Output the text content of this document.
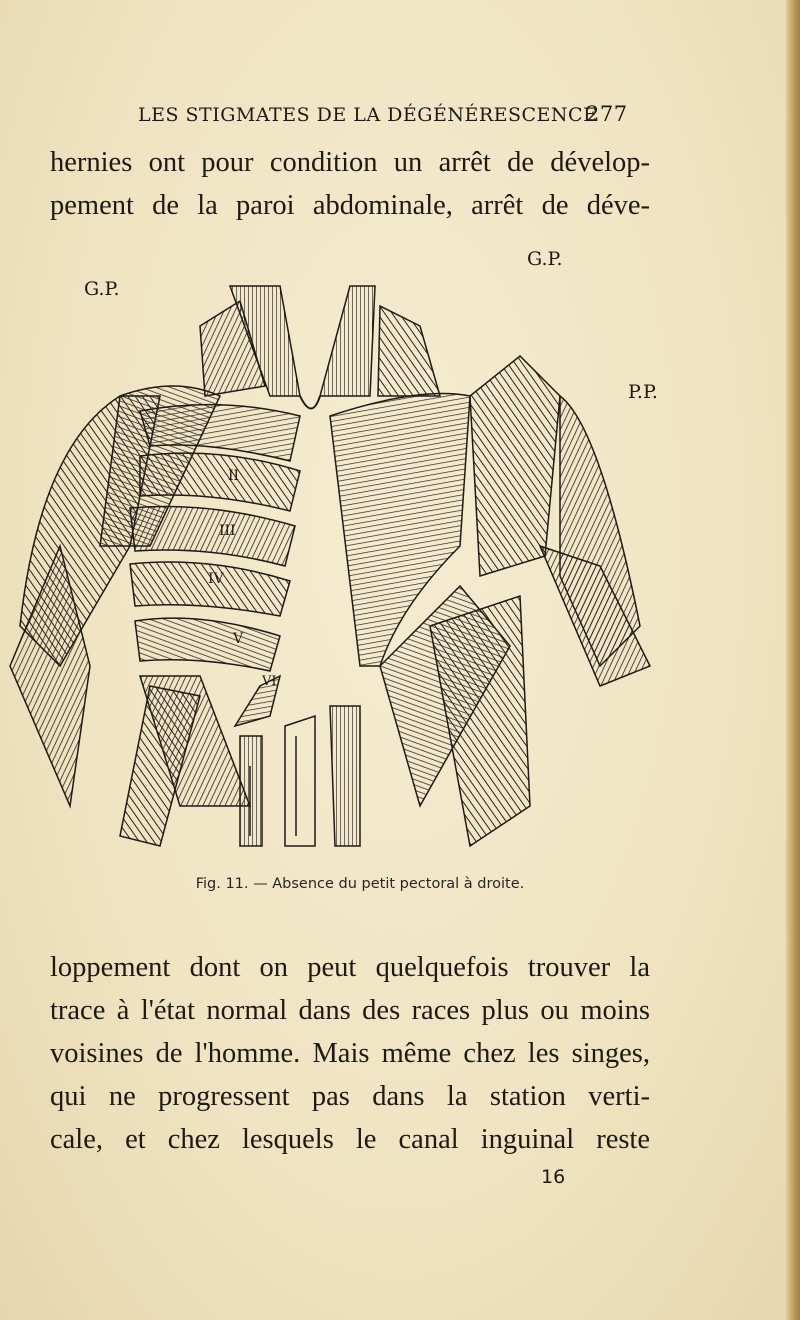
LES STIGMATES DE LA DÉGÉNÉRESCENCE
277
hernies ont pour condition un arrêt de dévelop-
pement de la paroi abdominale, arrêt de déve-
G.P.
G.P.
P.P.
II
III
IV
V
VI
Fig. 11. — Absence du petit pectoral à droite.
loppement dont on peut quelquefois trouver la
trace à l'état normal dans des races plus ou moins
voisines de l'homme. Mais même chez les singes,
qui ne progressent pas dans la station verti-
cale, et chez lesquels le canal inguinal reste
16
